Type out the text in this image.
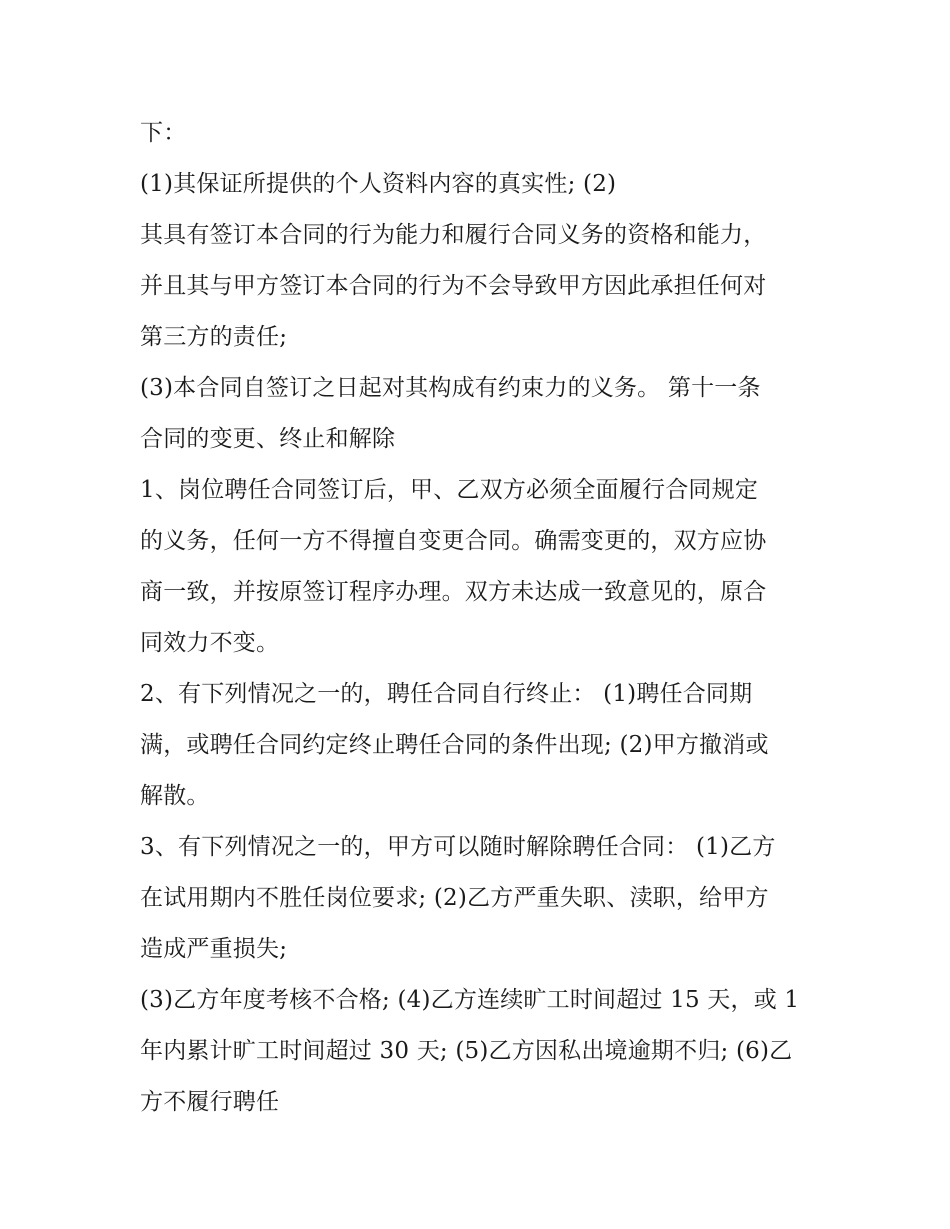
下：
(1)其保证所提供的个人资料内容的真实性; (2)
其具有签订本合同的行为能力和履行合同义务的资格和能力，
并且其与甲方签订本合同的行为不会导致甲方因此承担任何对
第三方的责任;
(3)本合同自签订之日起对其构成有约束力的义务。 第十一条
合同的变更、终止和解除
1、岗位聘任合同签订后，甲、乙双方必须全面履行合同规定
的义务，任何一方不得擅自变更合同。确需变更的，双方应协
商一致，并按原签订程序办理。双方未达成一致意见的，原合
同效力不变。
2、有下列情况之一的，聘任合同自行终止： (1)聘任合同期
满，或聘任合同约定终止聘任合同的条件出现; (2)甲方撤消或
解散。
3、有下列情况之一的，甲方可以随时解除聘任合同： (1)乙方
在试用期内不胜任岗位要求; (2)乙方严重失职、渎职，给甲方
造成严重损失;
(3)乙方年度考核不合格; (4)乙方连续旷工时间超过 15 天，或 1
年内累计旷工时间超过 30 天; (5)乙方因私出境逾期不归; (6)乙
方不履行聘任
